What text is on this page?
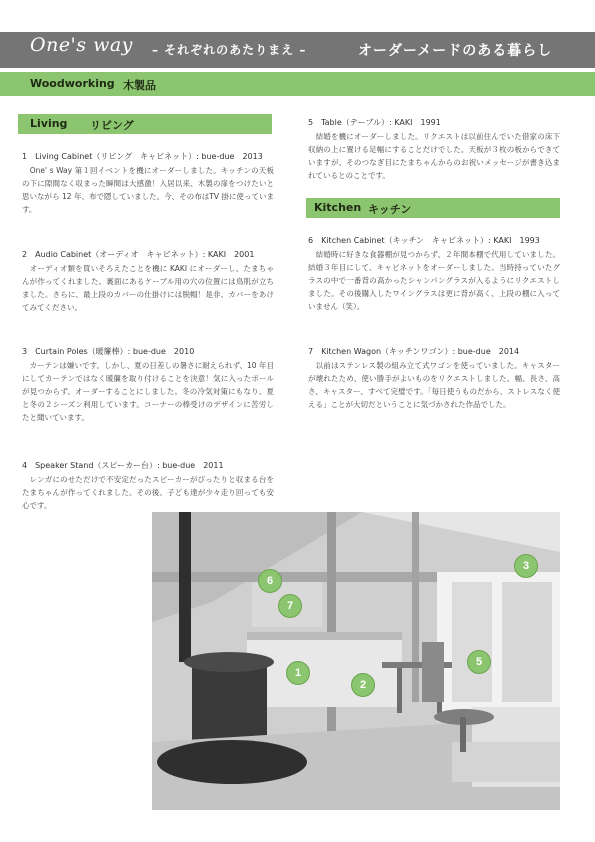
One's way – それぞれのあたりまえ –	オーダーメードのある暮らし
Woodworking 木製品
Living リビング
1　Living Cabinet（リビング　キャビネット）: bue-due　2013

　One' s Way 第１回イベントを機にオーダーしました。キッチンの天板の下に隙間なく収まった瞬間は大感激！入居以来、木製の扉をつけたいと思いながら 12 年、布で隠していました。今、その布はTV 掛に使っています。

2　Audio Cabinet（オーディオ　キャビネット）: KAKI　2001

　オーディオ類を買いそろえたことを機に KAKI にオーダーし、たまちゃんが作ってくれました。裏面にあるケーブル用の穴の位置には鳥肌が立ちました。さらに、最上段のカバーの仕掛けには脱帽！是非、カバーをあけてみてください。

3　Curtain Poles（暖簾棒）: bue-due　2010

　カーテンは嫌いです。しかし、夏の日差しの暑さに耐えられず、10 年目にしてカーテンではなく暖簾を取り付けることを決意！気に入ったポールが見つからず、オーダーすることにしました。冬の冷気対策にもなり、夏と冬の２シーズン利用しています。コーナーの棒受けのデザインに苦労したと聞いています。

4　Speaker Stand（スピーカー台）: bue-due　2011

　レンガにのせただけで不安定だったスピーカーがぴったりと収まる台をたまちゃんが作ってくれました。その後、子ども達が少々走り回っても安心です。

5　Table（テーブル）: KAKI　1991

　結婚を機にオーダーしました。リクエストは以前住んでいた借家の床下収納の上に置ける足幅にすることだけでした。天板が３枚の板からできていますが、そのつなぎ目にたまちゃんからのお祝いメッセージが書き込まれているとのことです。

Kitchen キッチン
6　Kitchen Cabinet（キッチン　キャビネット）: KAKI　1993

　結婚時に好きな食器棚が見つからず、２年間本棚で代用していました。結婚３年目にして、キャビネットをオーダーしました。当時持っていたグラスの中で一番背の高かったシャンパングラスが入るようにリクエストしました。その後購入したワイングラスは更に背が高く、上段の棚に入っていません（笑）。

7　Kitchen Wagon（キッチンワゴン）: bue-due　2014

　以前はステンレス製の組み立て式ワゴンを使っていました。キャスターが壊れたため、使い勝手がよいものをリクエストしました。幅、長さ、高さ、キャスター、すべて完璧です。「毎日使うものだから、ストレスなく使える」ことが大切だということに気づかされた作品でした。

6
7
3
1
2
5
